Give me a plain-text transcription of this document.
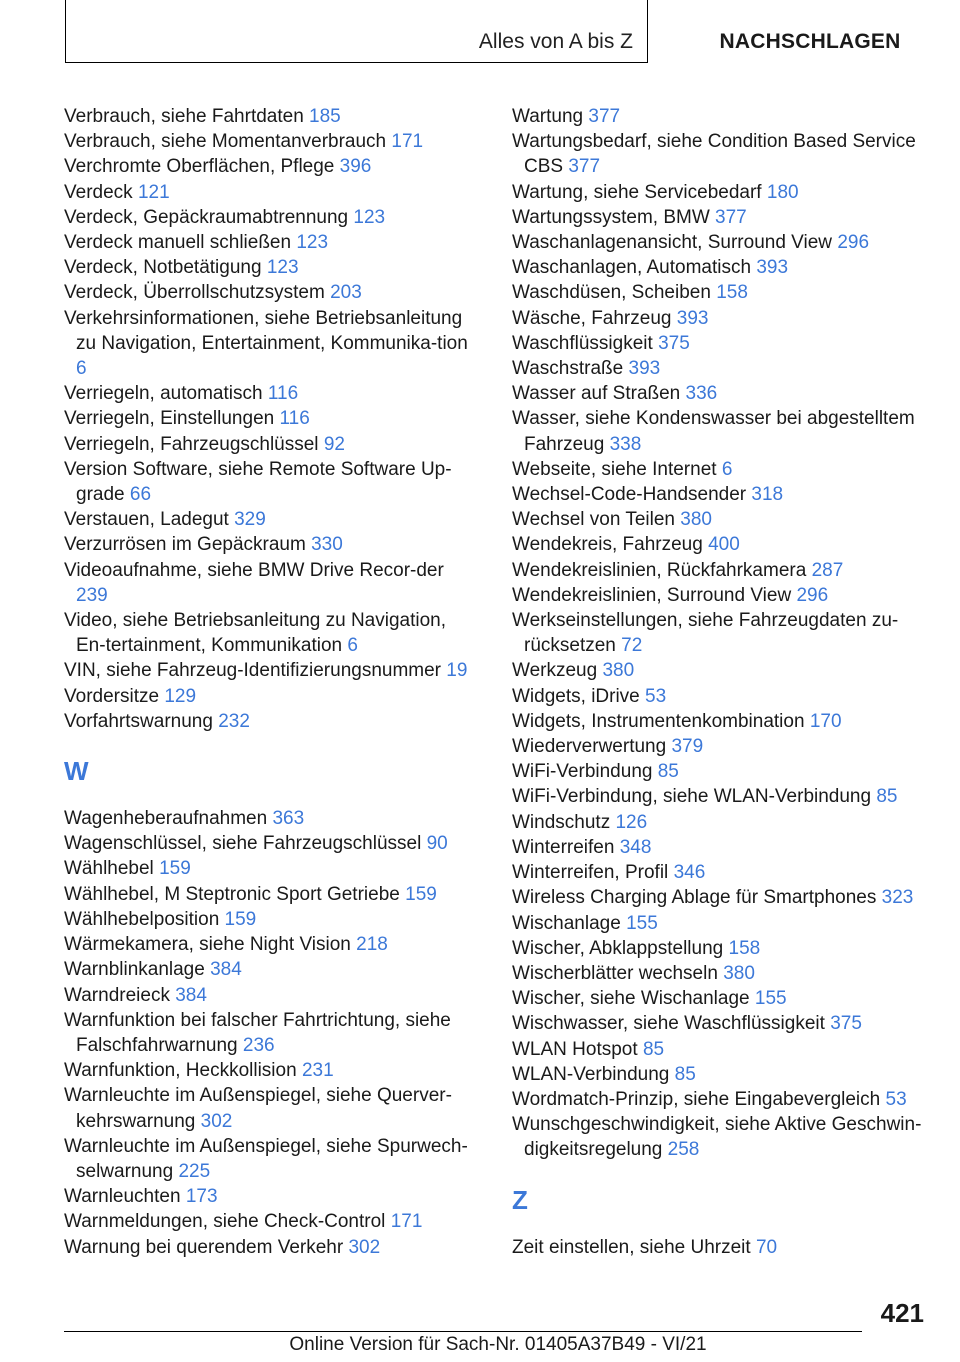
Alles von A bis Z	NACHSCHLAGEN
Verbrauch, siehe Fahrtdaten 185
Verbrauch, siehe Momentanverbrauch 171
Verchromte Oberflächen, Pflege 396
Verdeck 121
Verdeck, Gepäckraumabtrennung 123
Verdeck manuell schließen 123
Verdeck, Notbetätigung 123
Verdeck, Überrollschutzsystem 203
Verkehrsinformationen, siehe Betriebsanleitung zu Navigation, Entertainment, Kommunika-tion 6
Verriegeln, automatisch 116
Verriegeln, Einstellungen 116
Verriegeln, Fahrzeugschlüssel 92
Version Software, siehe Remote Software Up-grade 66
Verstauen, Ladegut 329
Verzurrösen im Gepäckraum 330
Videoaufnahme, siehe BMW Drive Recor-der 239
Video, siehe Betriebsanleitung zu Navigation, En-tertainment, Kommunikation 6
VIN, siehe Fahrzeug-Identifizierungsnummer 19
Vordersitze 129
Vorfahrtswarnung 232
W
Wagenheberaufnahmen 363
Wagenschlüssel, siehe Fahrzeugschlüssel 90
Wählhebel 159
Wählhebel, M Steptronic Sport Getriebe 159
Wählhebelposition 159
Wärmekamera, siehe Night Vision 218
Warnblinkanlage 384
Warndreieck 384
Warnfunktion bei falscher Fahrtrichtung, siehe Falschfahrwarnung 236
Warnfunktion, Heckkollision 231
Warnleuchte im Außenspiegel, siehe Querver-kehrswarnung 302
Warnleuchte im Außenspiegel, siehe Spurwech-selwarnung 225
Warnleuchten 173
Warnmeldungen, siehe Check-Control 171
Warnung bei querendem Verkehr 302
Wartung 377
Wartungsbedarf, siehe Condition Based Service CBS 377
Wartung, siehe Servicebedarf 180
Wartungssystem, BMW 377
Waschanlagenansicht, Surround View 296
Waschanlagen, Automatisch 393
Waschdüsen, Scheiben 158
Wäsche, Fahrzeug 393
Waschflüssigkeit 375
Waschstraße 393
Wasser auf Straßen 336
Wasser, siehe Kondenswasser bei abgestelltem Fahrzeug 338
Webseite, siehe Internet 6
Wechsel-Code-Handsender 318
Wechsel von Teilen 380
Wendekreis, Fahrzeug 400
Wendekreislinien, Rückfahrkamera 287
Wendekreislinien, Surround View 296
Werkseinstellungen, siehe Fahrzeugdaten zu-rücksetzen 72
Werkzeug 380
Widgets, iDrive 53
Widgets, Instrumentenkombination 170
Wiederverwertung 379
WiFi-Verbindung 85
WiFi-Verbindung, siehe WLAN-Verbindung 85
Windschutz 126
Winterreifen 348
Winterreifen, Profil 346
Wireless Charging Ablage für Smartphones 323
Wischanlage 155
Wischer, Abklappstellung 158
Wischerblätter wechseln 380
Wischer, siehe Wischanlage 155
Wischwasser, siehe Waschflüssigkeit 375
WLAN Hotspot 85
WLAN-Verbindung 85
Wordmatch-Prinzip, siehe Eingabevergleich 53
Wunschgeschwindigkeit, siehe Aktive Geschwin-digkeitsregelung 258
Z
Zeit einstellen, siehe Uhrzeit 70
421
Online Version für Sach-Nr. 01405A37B49 - VI/21
